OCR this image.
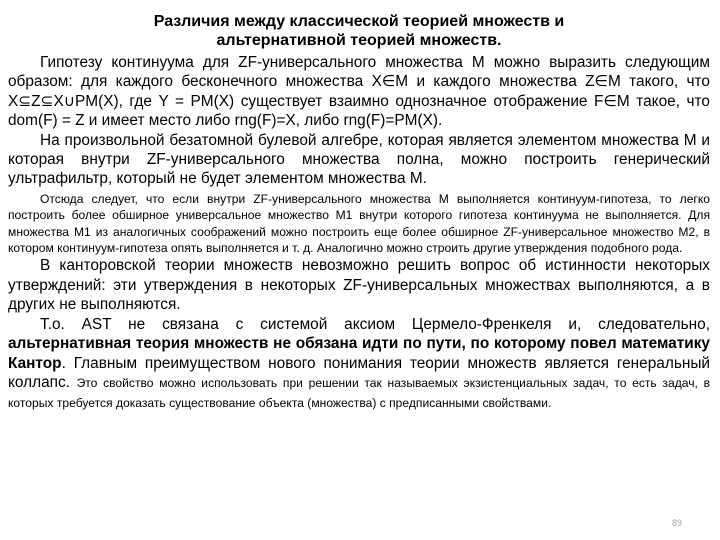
Различия между классической теорией множеств и
альтернативной теорией множеств.

Гипотезу континуума для ZF‑универсального множества M можно выразить следующим образом: для каждого бесконечного множества X∈M и каждого множества Z∈M такого, что X⊆Z⊆X∪PM(X), где Y = PM(X) существует взаимно однозначное отображение F∈M такое, что dom(F) = Z и имеет место либо rng(F)=X, либо rng(F)=PM(X).

На произвольной безатомной булевой алгебре, которая является элементом множества M и которая внутри ZF‑универсального множества полна, можно построить генерический ультрафильтр, который не будет элементом множества M.

Отсюда следует, что если внутри ZF‑универсального множества M выполняется континуум‑гипотеза, то легко построить более обширное универсальное множество M1 внутри которого гипотеза континуума не выполняется. Для множества M1 из аналогичных соображений можно построить еще более обширное ZF‑универсальное множество M2, в котором континуум‑гипотеза опять выполняется и т. д. Аналогично можно строить другие утверждения подобного рода.

В канторовской теории множеств невозможно решить вопрос об истинности некоторых утверждений: эти утверждения в некоторых ZF‑универсальных множествах выполняются, а в других не выполняются.

Т.о. AST не связана с системой аксиом Цермело‑Френкеля и, следовательно, альтернативная теория множеств не обязана идти по пути, по которому повел математику Кантор. Главным преимуществом нового понимания теории множеств является генеральный коллапс. Это свойство можно использовать при решении так называемых экзистенциальных задач, то есть задач, в которых требуется доказать существование объекта (множества) с предписанными свойствами.

89
